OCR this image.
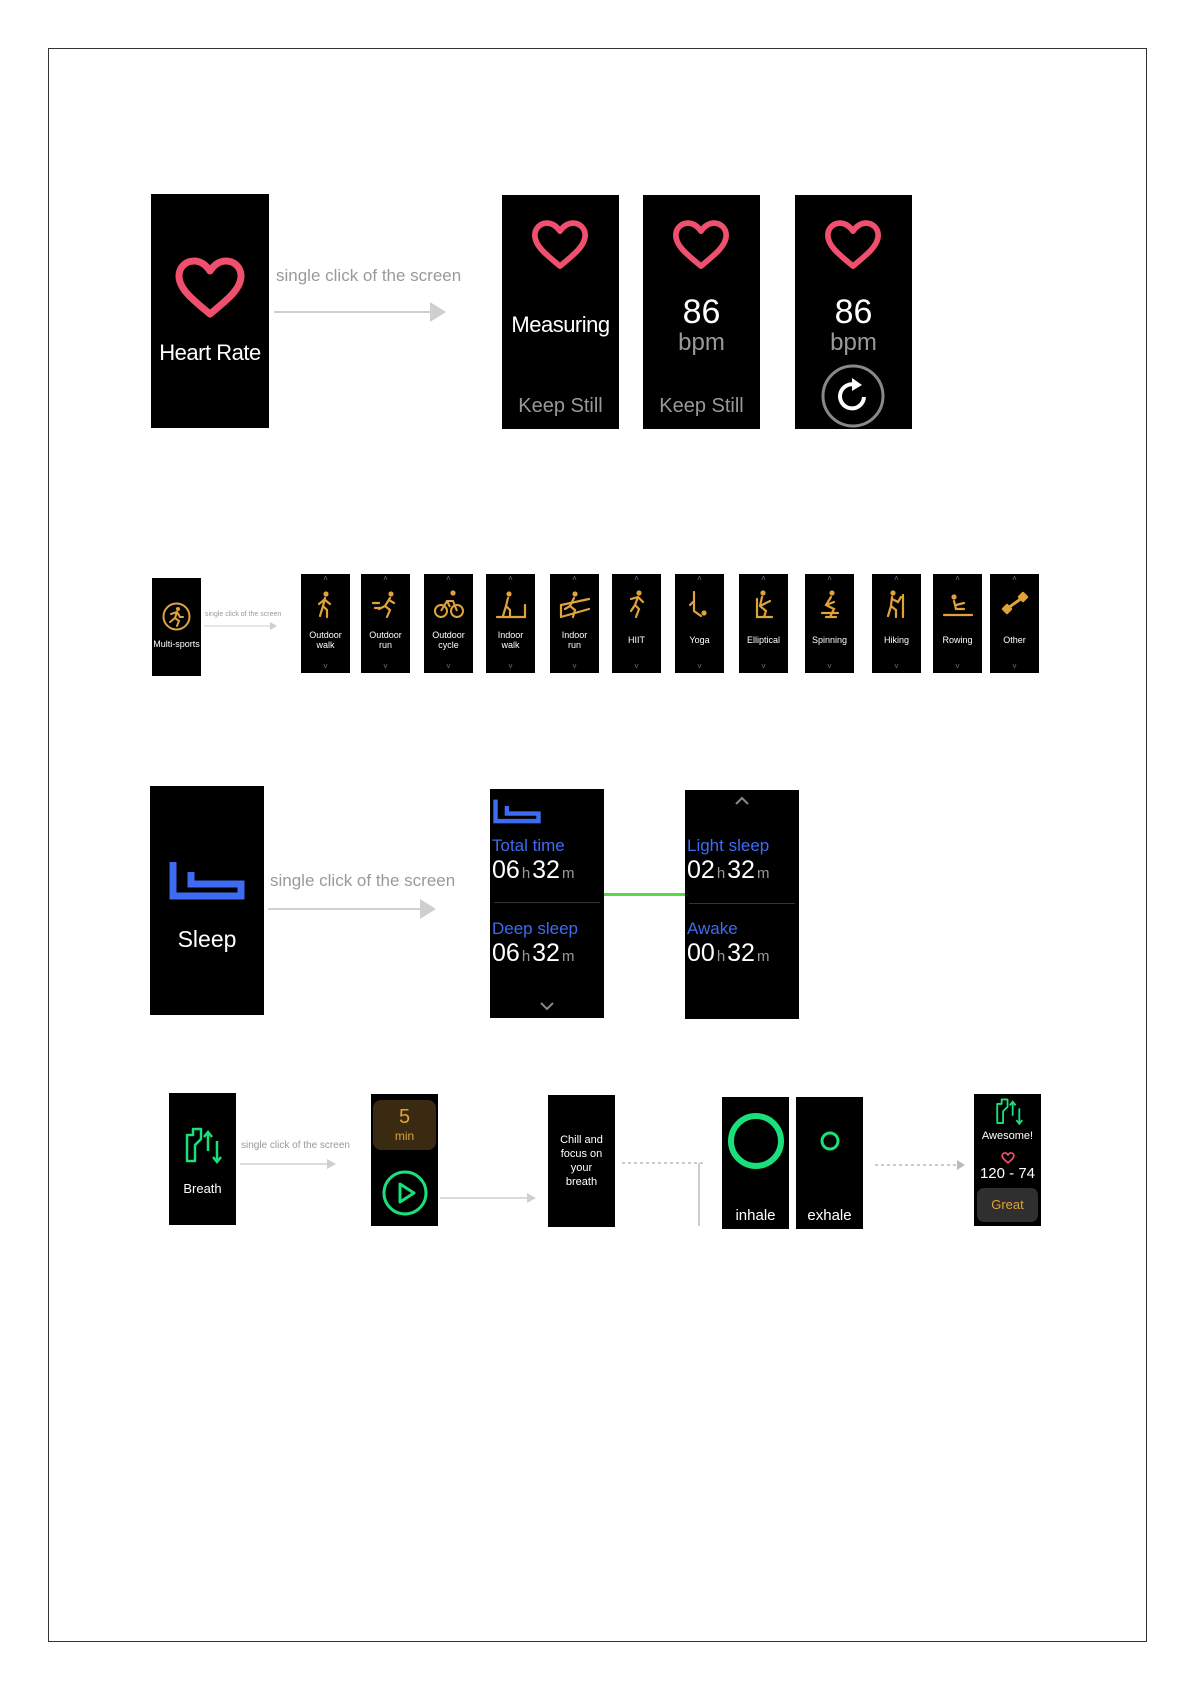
Heart Rate
single click of the screen
Measuring
Keep Still
86
bpm
Keep Still
86
bpm
Multi-sports
single click of the screen
˄
Outdoor
walk
˅
˄
Outdoor
run
˅
˄
Outdoor
cycle
˅
˄
Indoor
walk
˅
˄
Indoor
run
˅
˄
HIIT
˅
˄
Yoga
˅
˄
Elliptical
˅
˄
Spinning
˅
˄
Hiking
˅
˄
Rowing
˅
˄
Other
˅
Sleep
single click of the screen
Total time
06 h32 m
Deep sleep
06 h32 m
Light sleep
02 h32 m
Awake
00 h32 m
Breath
single click of the screen
5
min	Chill and
focus on
your
breath
inhale	exhale
Awesome!
120 - 74
Great
